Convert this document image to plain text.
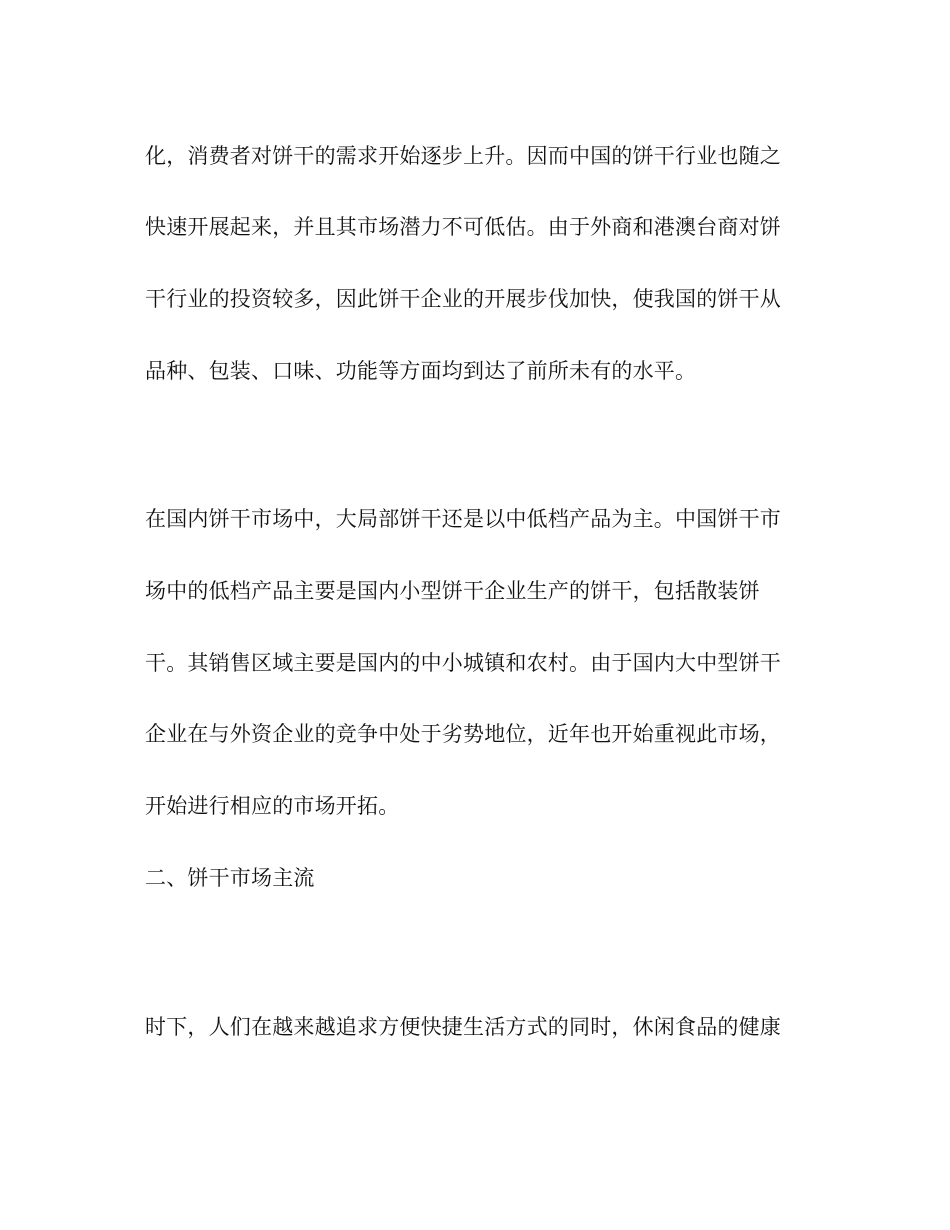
化，消费者对饼干的需求开始逐步上升。因而中国的饼干行业也随之
快速开展起来，并且其市场潜力不可低估。由于外商和港澳台商对饼
干行业的投资较多，因此饼干企业的开展步伐加快，使我国的饼干从
品种、包装、口味、功能等方面均到达了前所未有的水平。
在国内饼干市场中，大局部饼干还是以中低档产品为主。中国饼干市
场中的低档产品主要是国内小型饼干企业生产的饼干，包括散装饼
干。其销售区域主要是国内的中小城镇和农村。由于国内大中型饼干
企业在与外资企业的竞争中处于劣势地位，近年也开始重视此市场，
开始进行相应的市场开拓。
二、饼干市场主流
时下，人们在越来越追求方便快捷生活方式的同时，休闲食品的健康
